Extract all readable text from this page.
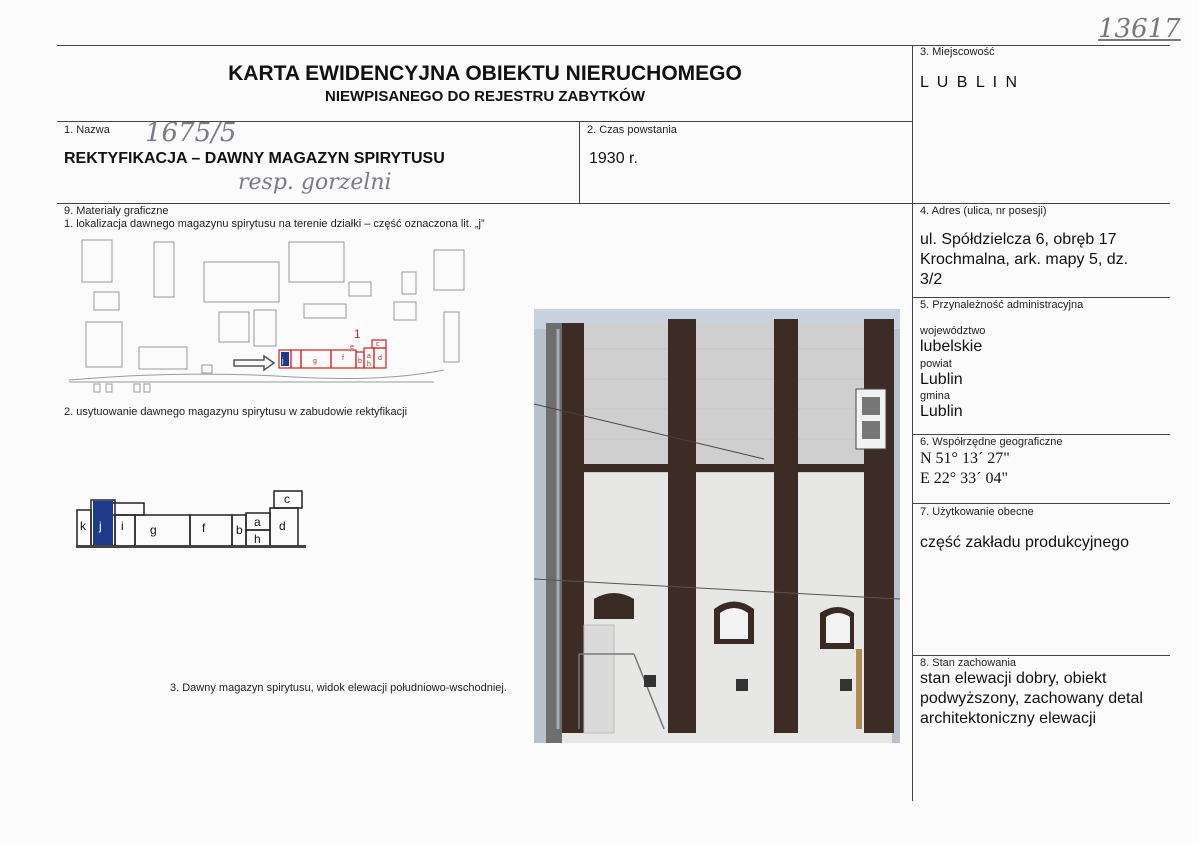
13617
KARTA EWIDENCYJNA OBIEKTU NIERUCHOMEGO
NIEWPISANEGO DO REJESTRU ZABYTKÓW
3. Miejscowość
L U B L I N
1. Nazwa 1675/5
REKTYFIKACJA – DAWNY MAGAZYN SPIRYTUSU
resp. gorzelni
2. Czas powstania
1930 r.
9. Materiały graficzne
1. lokalizacja dawnego magazynu spirytusu na terenie działki – część oznaczona lit. „j”
2. usytuowanie dawnego magazynu spirytusu w zabudowie rektyfikacji
3. Dawny magazyn spirytusu, widok elewacji południowo-wschodniej.
1
j	g	f
e	c
b
a d
h
k j i g	f	b
a
h
d
c
4. Adres (ulica, nr posesji)
ul. Spółdzielcza 6, obręb 17
Krochmalna, ark. mapy 5, dz.
3/2
5. Przynależność administracyjna
województwo
lubelskie
powiat
Lublin
gmina
Lublin
6. Współrzędne geograficzne
N 51° 13´ 27"
E 22° 33´ 04"
7. Użytkowanie obecne
część zakładu produkcyjnego
8. Stan zachowania
stan elewacji dobry, obiekt
podwyższony, zachowany detal
architektoniczny elewacji
